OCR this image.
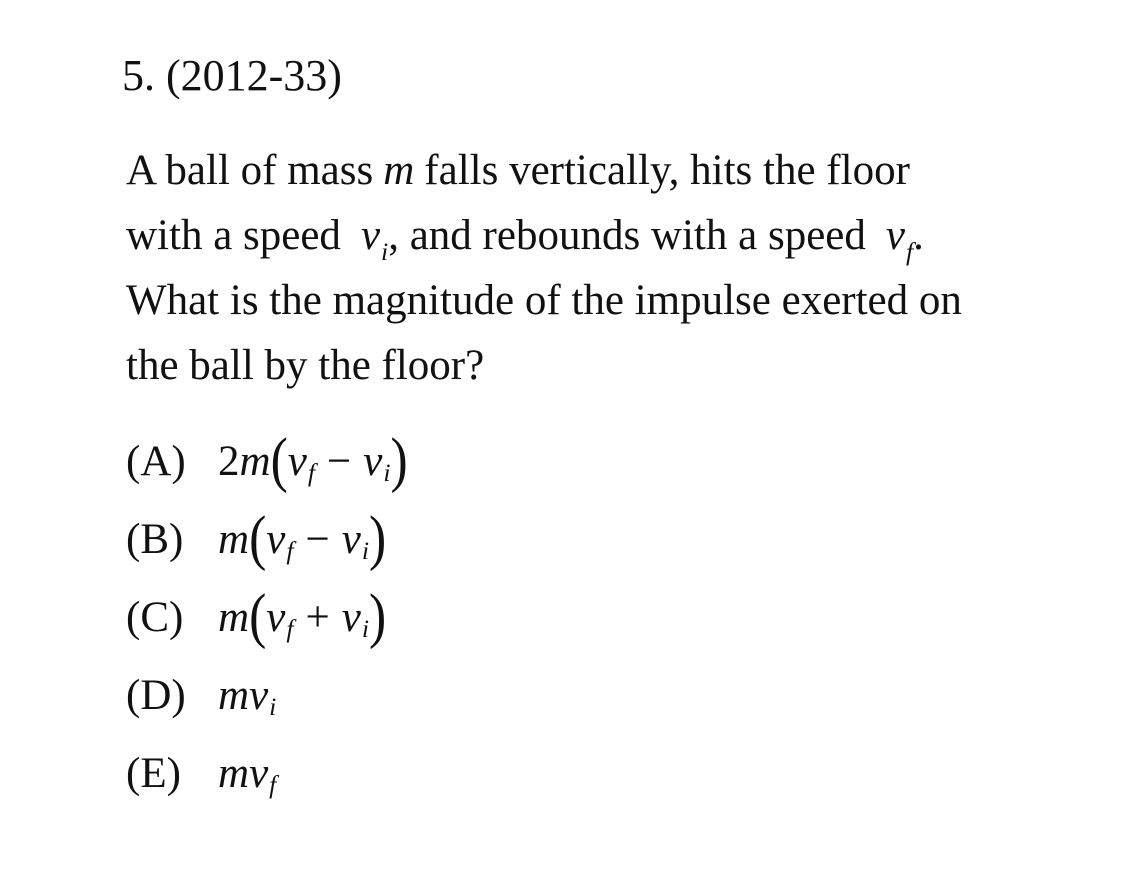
5. (2012-33)
A ball of mass m falls vertically, hits the floor
with a speed $v_i$, and rebounds with a speed $v_f$.
What is the magnitude of the impulse exerted on
the ball by the floor?
(A) 2 m ( v f − v i )
(B) m ( v f − v i )
(C) m ( v f + v i )
(D) m v i
(E) m v f
